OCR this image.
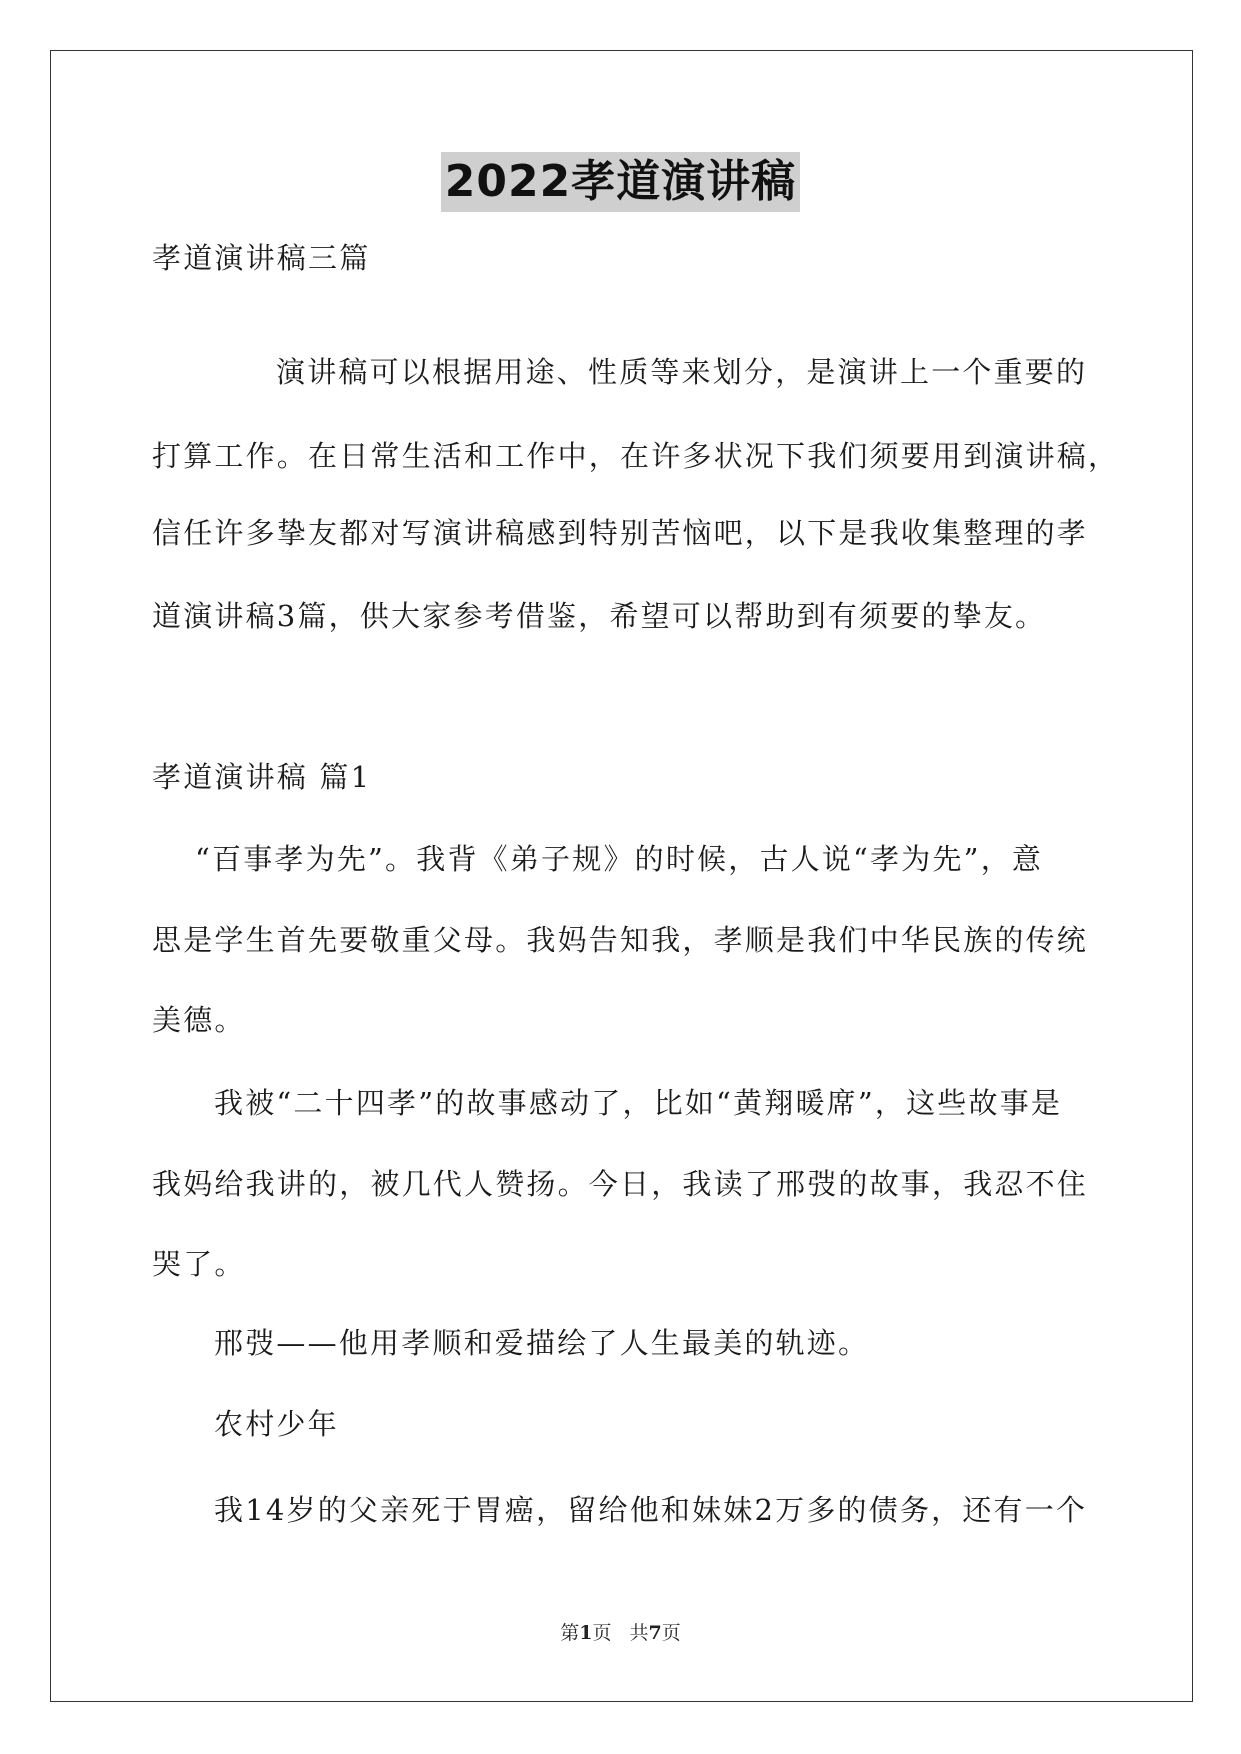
2022孝道演讲稿
孝道演讲稿三篇
演讲稿可以根据用途、性质等来划分，是演讲上一个重要的
打算工作。在日常生活和工作中，在许多状况下我们须要用到演讲稿，
信任许多挚友都对写演讲稿感到特别苦恼吧，以下是我收集整理的孝
道演讲稿3篇，供大家参考借鉴，希望可以帮助到有须要的挚友。
孝道演讲稿 篇1
“百事孝为先”。我背《弟子规》的时候，古人说“孝为先”，意
思是学生首先要敬重父母。我妈告知我，孝顺是我们中华民族的传统
美德。
我被“二十四孝”的故事感动了，比如“黄翔暖席”，这些故事是
我妈给我讲的，被几代人赞扬。今日，我读了邢弢的故事，我忍不住
哭了。
邢弢——他用孝顺和爱描绘了人生最美的轨迹。
农村少年
我14岁的父亲死于胃癌，留给他和妹妹2万多的债务，还有一个
第1页 共7页
